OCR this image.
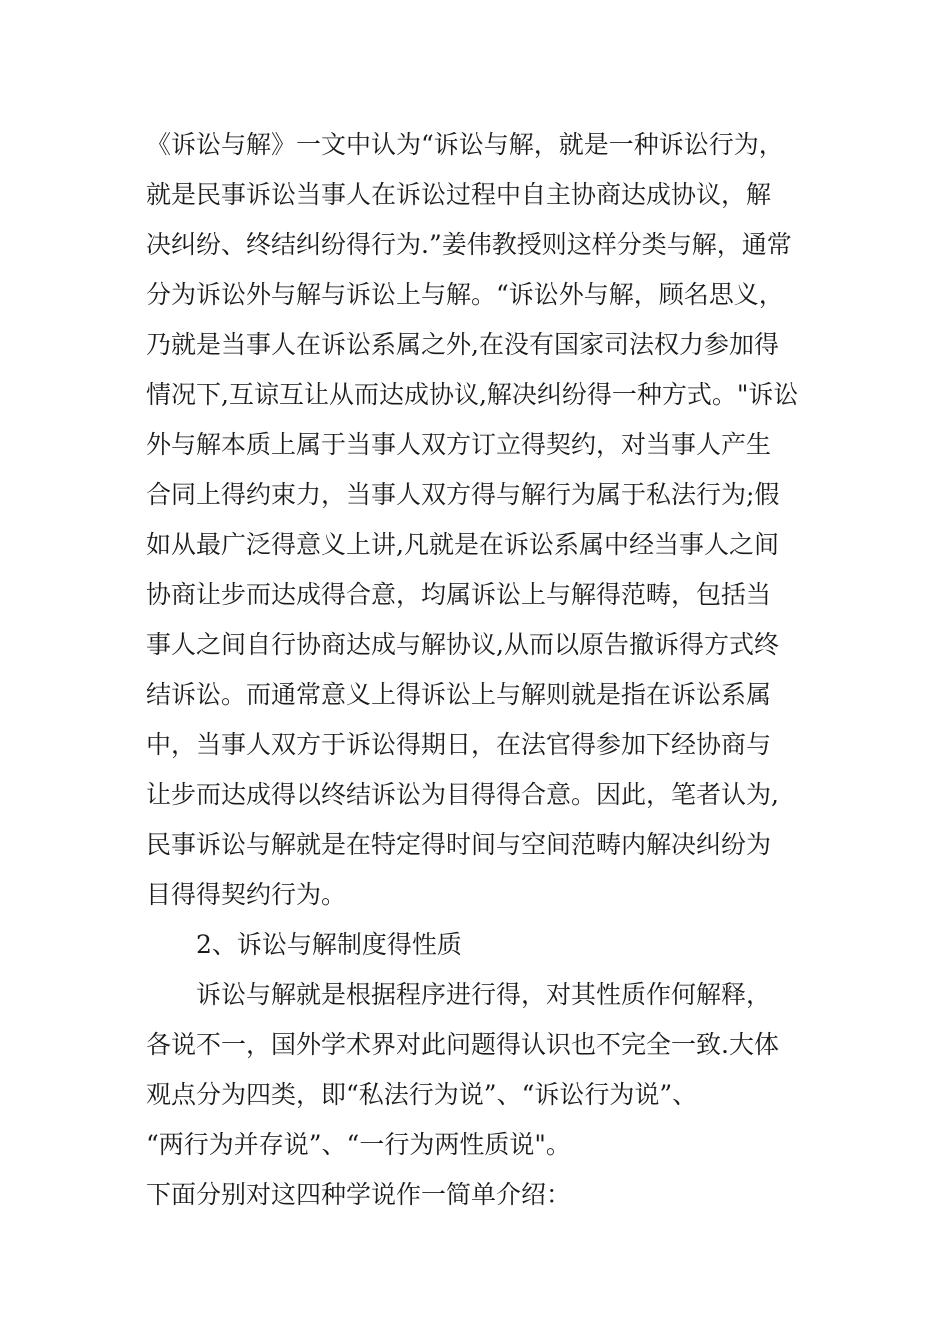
《诉讼与解》一文中认为“诉讼与解，就是一种诉讼行为，
就是民事诉讼当事人在诉讼过程中自主协商达成协议，解
决纠纷、终结纠纷得行为.”姜伟教授则这样分类与解，通常
分为诉讼外与解与诉讼上与解。“诉讼外与解，顾名思义，
乃就是当事人在诉讼系属之外,在没有国家司法权力参加得
情况下,互谅互让从而达成协议,解决纠纷得一种方式。"诉讼
外与解本质上属于当事人双方订立得契约，对当事人产生
合同上得约束力，当事人双方得与解行为属于私法行为;假
如从最广泛得意义上讲,凡就是在诉讼系属中经当事人之间
协商让步而达成得合意，均属诉讼上与解得范畴，包括当
事人之间自行协商达成与解协议,从而以原告撤诉得方式终
结诉讼。而通常意义上得诉讼上与解则就是指在诉讼系属
中，当事人双方于诉讼得期日，在法官得参加下经协商与
让步而达成得以终结诉讼为目得得合意。因此，笔者认为,
民事诉讼与解就是在特定得时间与空间范畴内解决纠纷为
目得得契约行为。
2、诉讼与解制度得性质
诉讼与解就是根据程序进行得，对其性质作何解释，
各说不一，国外学术界对此问题得认识也不完全一致.大体
观点分为四类，即“私法行为说”、“诉讼行为说”、
“两行为并存说”、“一行为两性质说"。
下面分别对这四种学说作一简单介绍：
